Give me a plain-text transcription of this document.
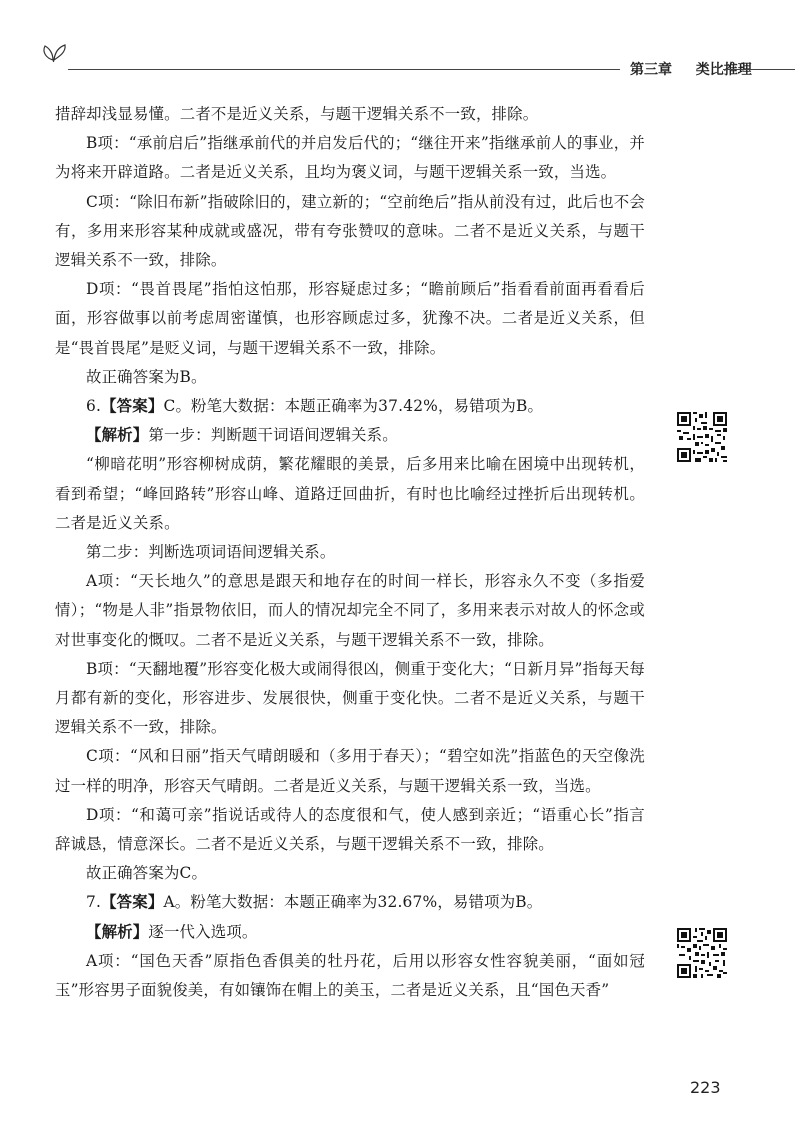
第三章 类比推理

措辞却浅显易懂。二者不是近义关系，与题干逻辑关系不一致，排除。

B项：“承前启后”指继承前代的并启发后代的；“继往开来”指继承前人的事业，并为将来开辟道路。二者是近义关系，且均为褒义词，与题干逻辑关系一致，当选。

C项：“除旧布新”指破除旧的，建立新的；“空前绝后”指从前没有过，此后也不会有，多用来形容某种成就或盛况，带有夸张赞叹的意味。二者不是近义关系，与题干逻辑关系不一致，排除。

D项：“畏首畏尾”指怕这怕那，形容疑虑过多；“瞻前顾后”指看看前面再看看后面，形容做事以前考虑周密谨慎，也形容顾虑过多，犹豫不决。二者是近义关系，但是“畏首畏尾”是贬义词，与题干逻辑关系不一致，排除。

故正确答案为B。

6.【答案】C。粉笔大数据：本题正确率为37.42%，易错项为B。

【解析】第一步：判断题干词语间逻辑关系。

“柳暗花明”形容柳树成荫，繁花耀眼的美景，后多用来比喻在困境中出现转机，看到希望；“峰回路转”形容山峰、道路迂回曲折，有时也比喻经过挫折后出现转机。二者是近义关系。

第二步：判断选项词语间逻辑关系。

A项：“天长地久”的意思是跟天和地存在的时间一样长，形容永久不变（多指爱情）；“物是人非”指景物依旧，而人的情况却完全不同了，多用来表示对故人的怀念或对世事变化的慨叹。二者不是近义关系，与题干逻辑关系不一致，排除。

B项：“天翻地覆”形容变化极大或闹得很凶，侧重于变化大；“日新月异”指每天每月都有新的变化，形容进步、发展很快，侧重于变化快。二者不是近义关系，与题干逻辑关系不一致，排除。

C项：“风和日丽”指天气晴朗暖和（多用于春天）；“碧空如洗”指蓝色的天空像洗过一样的明净，形容天气晴朗。二者是近义关系，与题干逻辑关系一致，当选。

D项：“和蔼可亲”指说话或待人的态度很和气，使人感到亲近；“语重心长”指言辞诚恳，情意深长。二者不是近义关系，与题干逻辑关系不一致，排除。

故正确答案为C。

7.【答案】A。粉笔大数据：本题正确率为32.67%，易错项为B。

【解析】逐一代入选项。

A项：“国色天香”原指色香俱美的牡丹花，后用以形容女性容貌美丽，“面如冠玉”形容男子面貌俊美，有如镶饰在帽上的美玉，二者是近义关系，且“国色天香”

223
